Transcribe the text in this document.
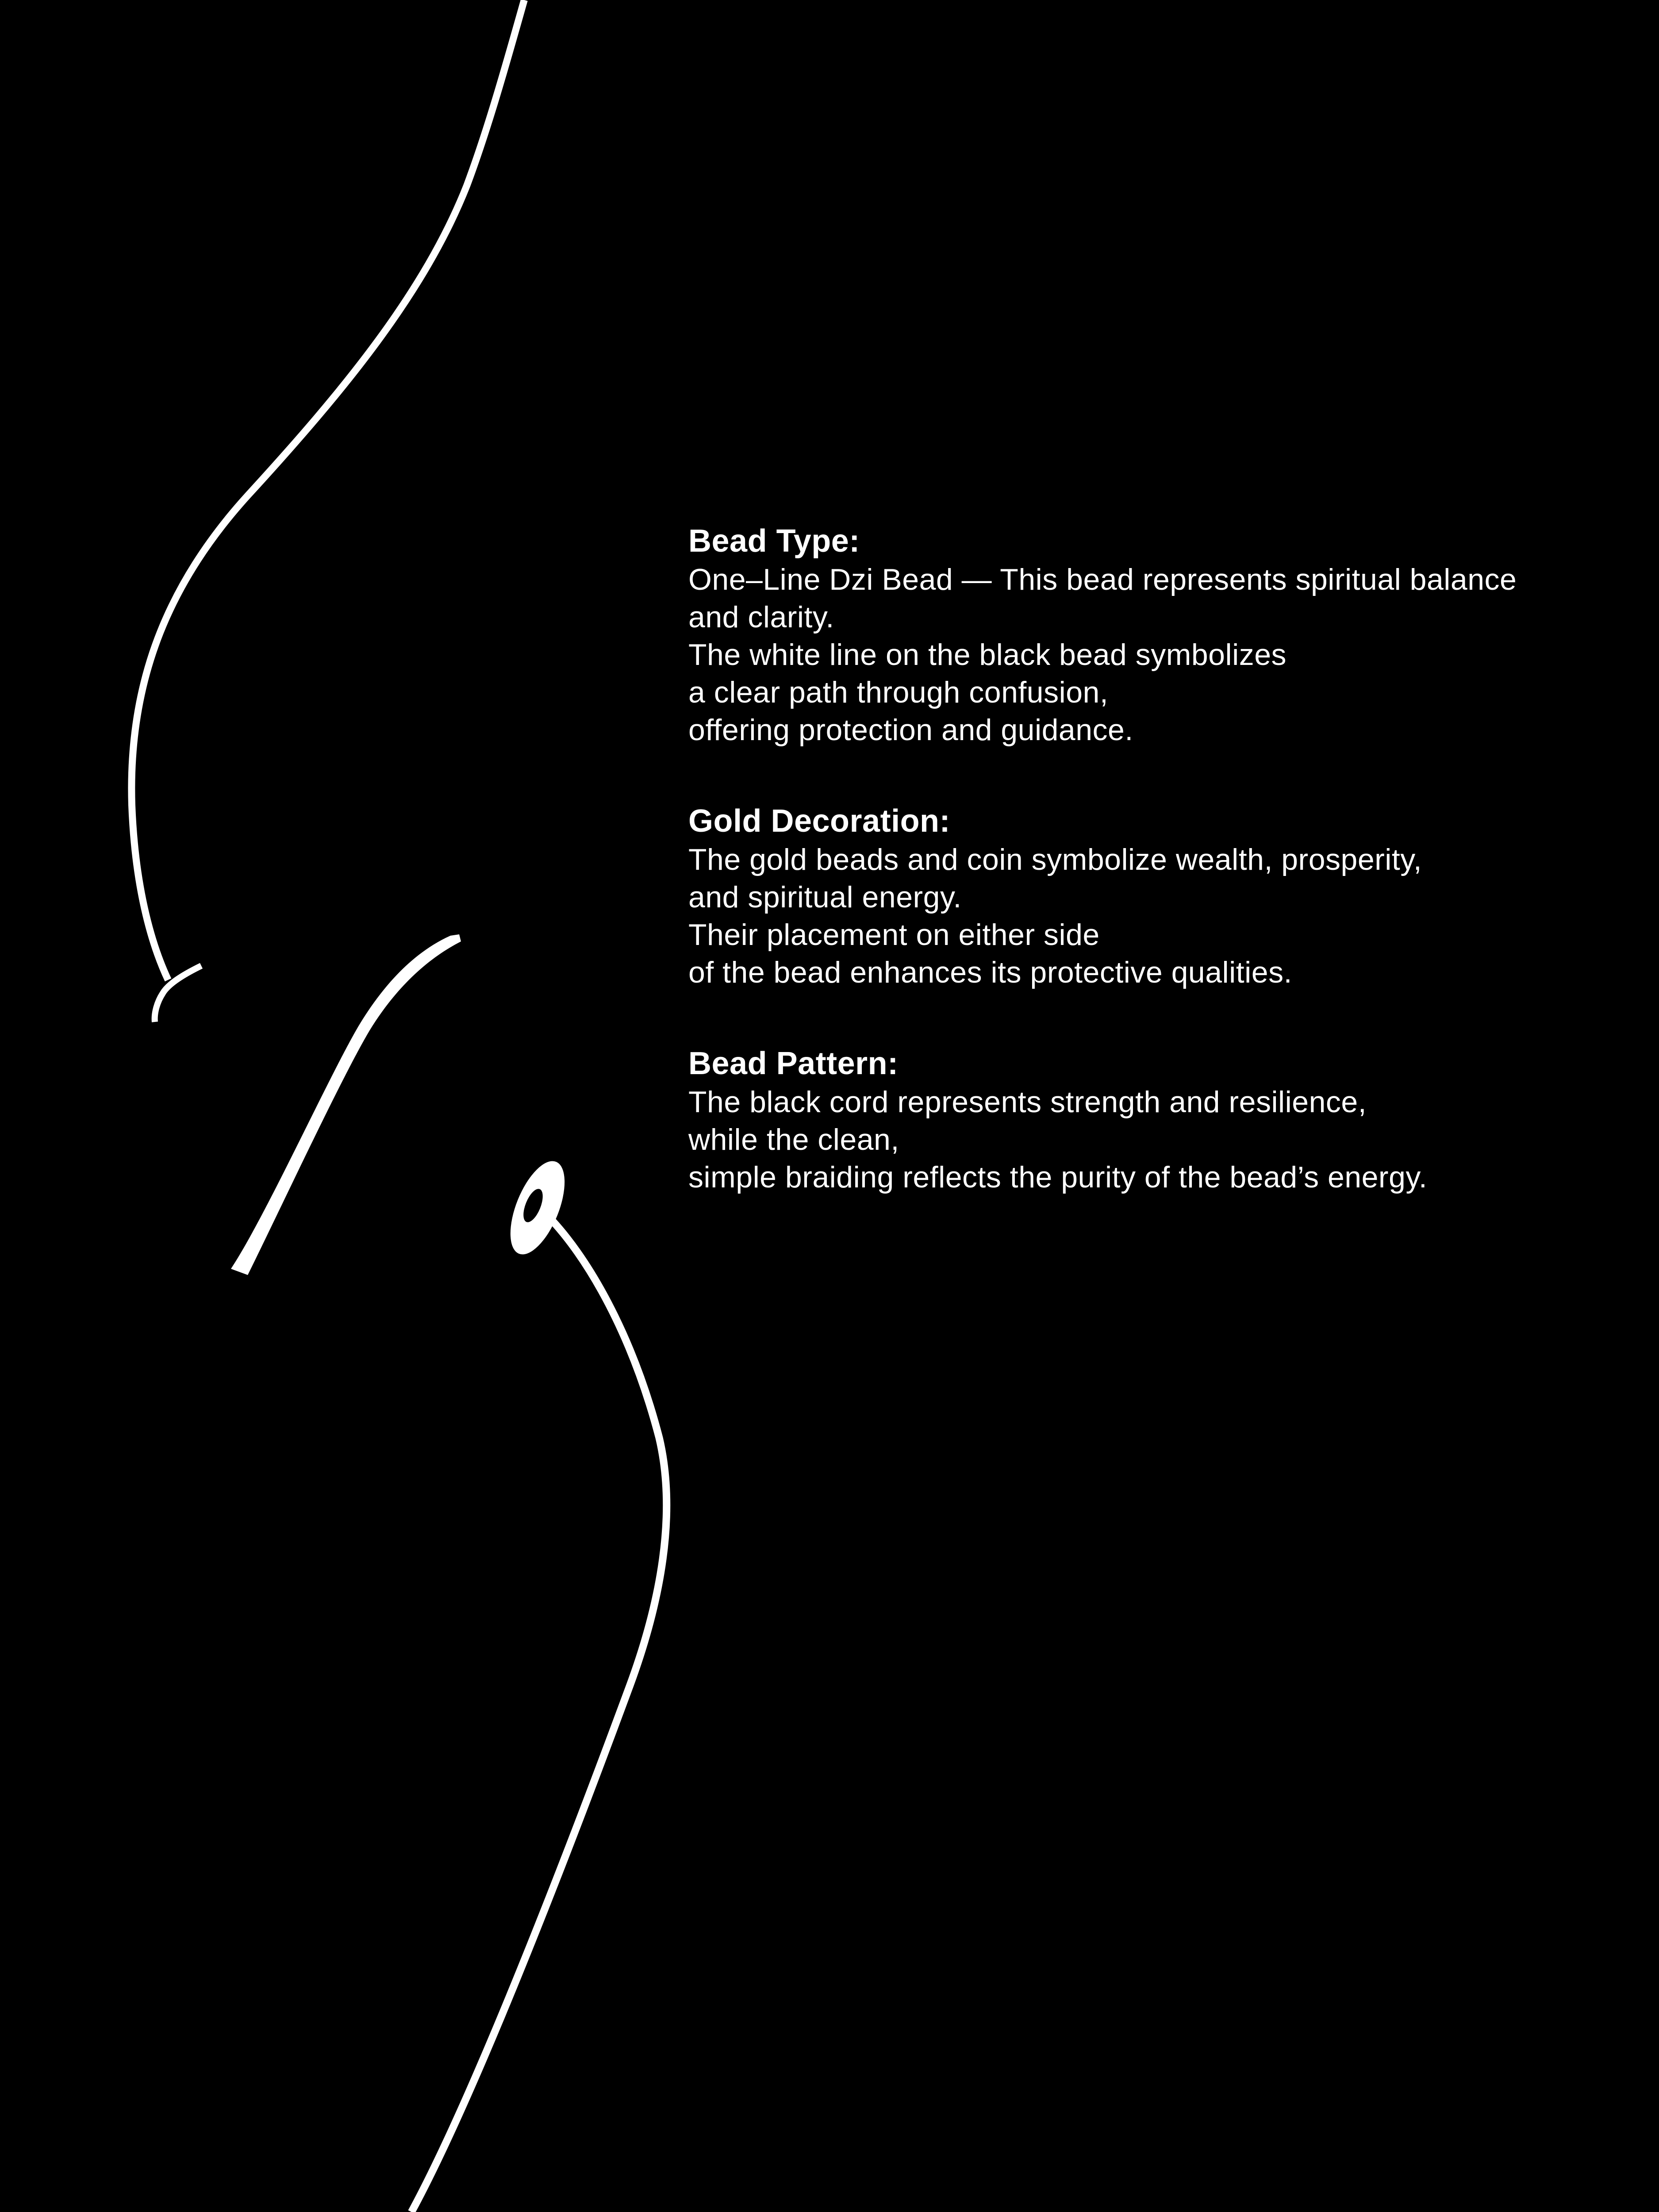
Bead Type:
One–Line Dzi Bead — This bead represents spiritual balance
and clarity.
The white line on the black bead symbolizes
a clear path through confusion,
offering protection and guidance.
Gold Decoration:
The gold beads and coin symbolize wealth, prosperity,
and spiritual energy.
Their placement on either side
of the bead enhances its protective qualities.
Bead Pattern:
The black cord represents strength and resilience,
while the clean,
simple braiding reflects the purity of the bead’s energy.
